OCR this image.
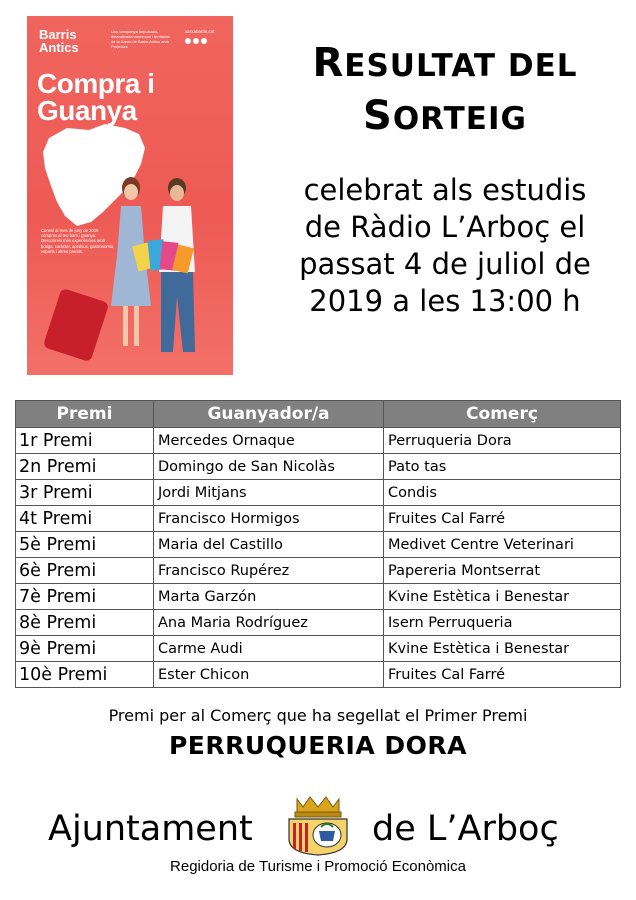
Barris
Antics
Una campanya impulsada, dinamitzada comercial i territorial de la Xarxa de Barris Antics amb Projectes
xarxabarris.cat
Compra i
Guanya
Consol al mes de juny de 2019 compres al teu barri i guanya. Descobreix més experiències amb botiga, caràcter, aperitius, gastronomia, esports i altres premis.
RESULTAT DEL
SORTEIG
celebrat als estudis
de Ràdio L’Arboç el
passat 4 de juliol de
2019 a les 13:00 h
Premi	Guanyador/a	Comerç
1r Premi	Mercedes Ornaque	Perruqueria Dora
2n Premi	Domingo de San Nicolàs	Pato tas
3r Premi	Jordi Mitjans	Condis
4t Premi	Francisco Hormigos	Fruites Cal Farré
5è Premi	Maria del Castillo	Medivet Centre Veterinari
6è Premi	Francisco Rupérez	Papereria Montserrat
7è Premi	Marta Garzón	Kvine Estètica i Benestar
8è Premi	Ana Maria Rodríguez	Isern Perruqueria
9è Premi	Carme Audi	Kvine Estètica i Benestar
10è Premi	Ester Chicon	Fruites Cal Farré
Premi per al Comerç que ha segellat el Primer Premi
PERRUQUERIA DORA
Ajuntament	de L’Arboç
Regidoria de Turisme i Promoció Econòmica
